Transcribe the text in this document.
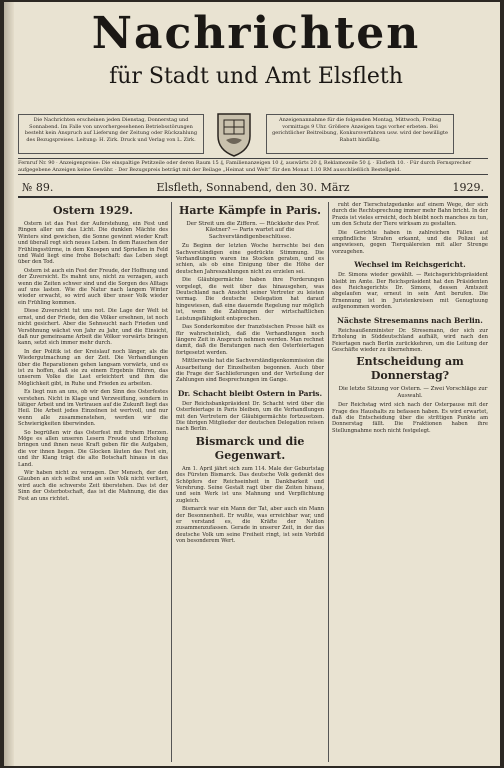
Nachrichten
für Stadt und Amt Elsfleth
Die Nachrichten erscheinen jeden Dienstag, Donnerstag und Sonnabend. Im Falle von unvorhergesehenen Betriebsstörungen besteht kein Anspruch auf Lieferung der Zeitung oder Rückzahlung des Bezugspreises. Leitung: H. Zirk. Druck und Verlag von L. Zirk.
Anzeigenannahme für die folgenden Montag, Mittwoch, Freitag vormittags 9 Uhr. Größere Anzeigen tags vorher erbeten. Bei gerichtlicher Beitreibung, Konkursverfahren usw. wird der bewilligte Rabatt hinfällig.
Fernruf Nr. 90 · Anzeigenpreise: Die einspaltige Petitzeile oder deren Raum 15 ₰, Familienanzeigen 10 ₰, auswärts 20 ₰, Reklamezeile 50 ₰. · Elsfleth 10. · Für durch Fernsprecher aufgegebene Anzeigen keine Gewähr. · Der Bezugspreis beträgt mit der Beilage „Heimat und Welt“ für den Monat 1.10 RM ausschließlich Bestellgeld.
№ 89.	Elsfleth, Sonnabend, den 30. März	1929.
Ostern 1929.

Ostern ist das Fest der Auferstehung, ein Fest und Ringen aller um das Licht. Die dunklen Mächte des Winters sind gewichen, die Sonne gewinnt wieder Kraft und überall regt sich neues Leben. In dem Rauschen der Frühlingsstürme, in dem Knospen und Sprießen in Feld und Wald liegt eine frohe Botschaft: das Leben siegt über den Tod.

Ostern ist auch ein Fest der Freude, der Hoffnung und der Zuversicht. Es mahnt uns, nicht zu verzagen, auch wenn die Zeiten schwer sind und die Sorgen des Alltags auf uns lasten. Wie die Natur nach langem Winter wieder erwacht, so wird auch über unser Volk wieder ein Frühling kommen.

Diese Zuversicht tut uns not. Die Lage der Welt ist ernst, und der Friede, den die Völker ersehnen, ist noch nicht gesichert. Aber die Sehnsucht nach Frieden und Versöhnung wächst von Jahr zu Jahr, und die Einsicht, daß nur gemeinsame Arbeit die Völker vorwärts bringen kann, setzt sich immer mehr durch.

In der Politik ist der Kreislauf noch länger, als die Wiedergutmachung an der Zeit. Die Verhandlungen über die Reparationen gehen langsam vorwärts, und es ist zu hoffen, daß sie zu einem Ergebnis führen, das unserem Volke die Last erleichtert und ihm die Möglichkeit gibt, in Ruhe und Frieden zu arbeiten.

Es liegt nun an uns, ob wir den Sinn des Osterfestes verstehen. Nicht in Klage und Verzweiflung, sondern in tätiger Arbeit und im Vertrauen auf die Zukunft liegt das Heil. Die Arbeit jedes Einzelnen ist wertvoll, und nur wenn alle zusammenstehen, werden wir die Schwierigkeiten überwinden.

So begrüßen wir das Osterfest mit frohem Herzen. Möge es allen unseren Lesern Freude und Erholung bringen und ihnen neue Kraft geben für die Aufgaben, die vor ihnen liegen. Die Glocken läuten das Fest ein, und ihr Klang trägt die alte Botschaft hinaus in das Land.

Wir haben nicht zu verzagen. Der Mensch, der den Glauben an sich selbst und an sein Volk nicht verliert, wird auch die schwerste Zeit überstehen. Das ist der Sinn der Osterbotschaft, das ist die Mahnung, die das Fest an uns richtet.

Harte Kämpfe in Paris.

Der Streit um die Ziffern. — Rückkehr des Prof. Kästner? — Paris wartet auf die Sachverständigenbeschlüsse.

Zu Beginn der letzten Woche herrschte bei den Sachverständigen eine gedrückte Stimmung. Die Verhandlungen waren ins Stocken geraten, und es schien, als ob eine Einigung über die Höhe der deutschen Jahreszahlungen nicht zu erzielen sei.

Die Gläubigermächte haben ihre Forderungen vorgelegt, die weit über das hinausgehen, was Deutschland nach Ansicht seiner Vertreter zu leisten vermag. Die deutsche Delegation hat darauf hingewiesen, daß eine dauernde Regelung nur möglich ist, wenn die Zahlungen der wirtschaftlichen Leistungsfähigkeit entsprechen.

Das Sonderkomitee der französischen Presse hält es für wahrscheinlich, daß die Verhandlungen noch längere Zeit in Anspruch nehmen werden. Man rechnet damit, daß die Beratungen nach den Osterfeiertagen fortgesetzt werden.

Mittlerweile hat die Sachverständigenkommission die Ausarbeitung der Einzelheiten begonnen. Auch über die Frage der Sachlieferungen und der Verteilung der Zahlungen sind Besprechungen im Gange.

Dr. Schacht bleibt Ostern in Paris.

Der Reichsbankpräsident Dr. Schacht wird über die Osterfeiertage in Paris bleiben, um die Verhandlungen mit den Vertretern der Gläubigermächte fortzusetzen. Die übrigen Mitglieder der deutschen Delegation reisen nach Berlin.

Bismarck und die Gegenwart.

Am 1. April jährt sich zum 114. Male der Geburtstag des Fürsten Bismarck. Das deutsche Volk gedenkt des Schöpfers der Reichseinheit in Dankbarkeit und Verehrung. Seine Gestalt ragt über die Zeiten hinaus, und sein Werk ist uns Mahnung und Verpflichtung zugleich.

Bismarck war ein Mann der Tat, aber auch ein Mann der Besonnenheit. Er wußte, was erreichbar war, und er verstand es, die Kräfte der Nation zusammenzufassen. Gerade in unserer Zeit, in der das deutsche Volk um seine Freiheit ringt, ist sein Vorbild von besonderem Wert.

ruht der Tierschutzgedanke auf einem Wege, der sich durch die Rechtsprechung immer mehr Bahn bricht. In der Praxis ist vieles erreicht, doch bleibt noch manches zu tun, um den Schutz der Tiere wirksam zu gestalten.

Die Gerichte haben in zahlreichen Fällen auf empfindliche Strafen erkannt, und die Polizei ist angewiesen, gegen Tierquälereien mit aller Strenge vorzugehen.

Wechsel im Reichsgericht.

Dr. Simons wieder gewählt. — Reichsgerichtspräsident bleibt im Amte. Der Reichspräsident hat den Präsidenten des Reichsgerichts Dr. Simons, dessen Amtszeit abgelaufen war, erneut in sein Amt berufen. Die Ernennung ist in Juristenkreisen mit Genugtuung aufgenommen worden.

Nächste Stresemanns nach Berlin.

Reichsaußenminister Dr. Stresemann, der sich zur Erholung in Süddeutschland aufhält, wird nach den Feiertagen nach Berlin zurückkehren, um die Leitung der Geschäfte wieder zu übernehmen.

Entscheidung am Donnerstag?

Die letzte Sitzung vor Ostern. — Zwei Vorschläge zur Auswahl.

Der Reichstag wird sich nach der Osterpause mit der Frage des Haushalts zu befassen haben. Es wird erwartet, daß die Entscheidung über die strittigen Punkte am Donnerstag fällt. Die Fraktionen haben ihre Stellungnahme noch nicht festgelegt.
